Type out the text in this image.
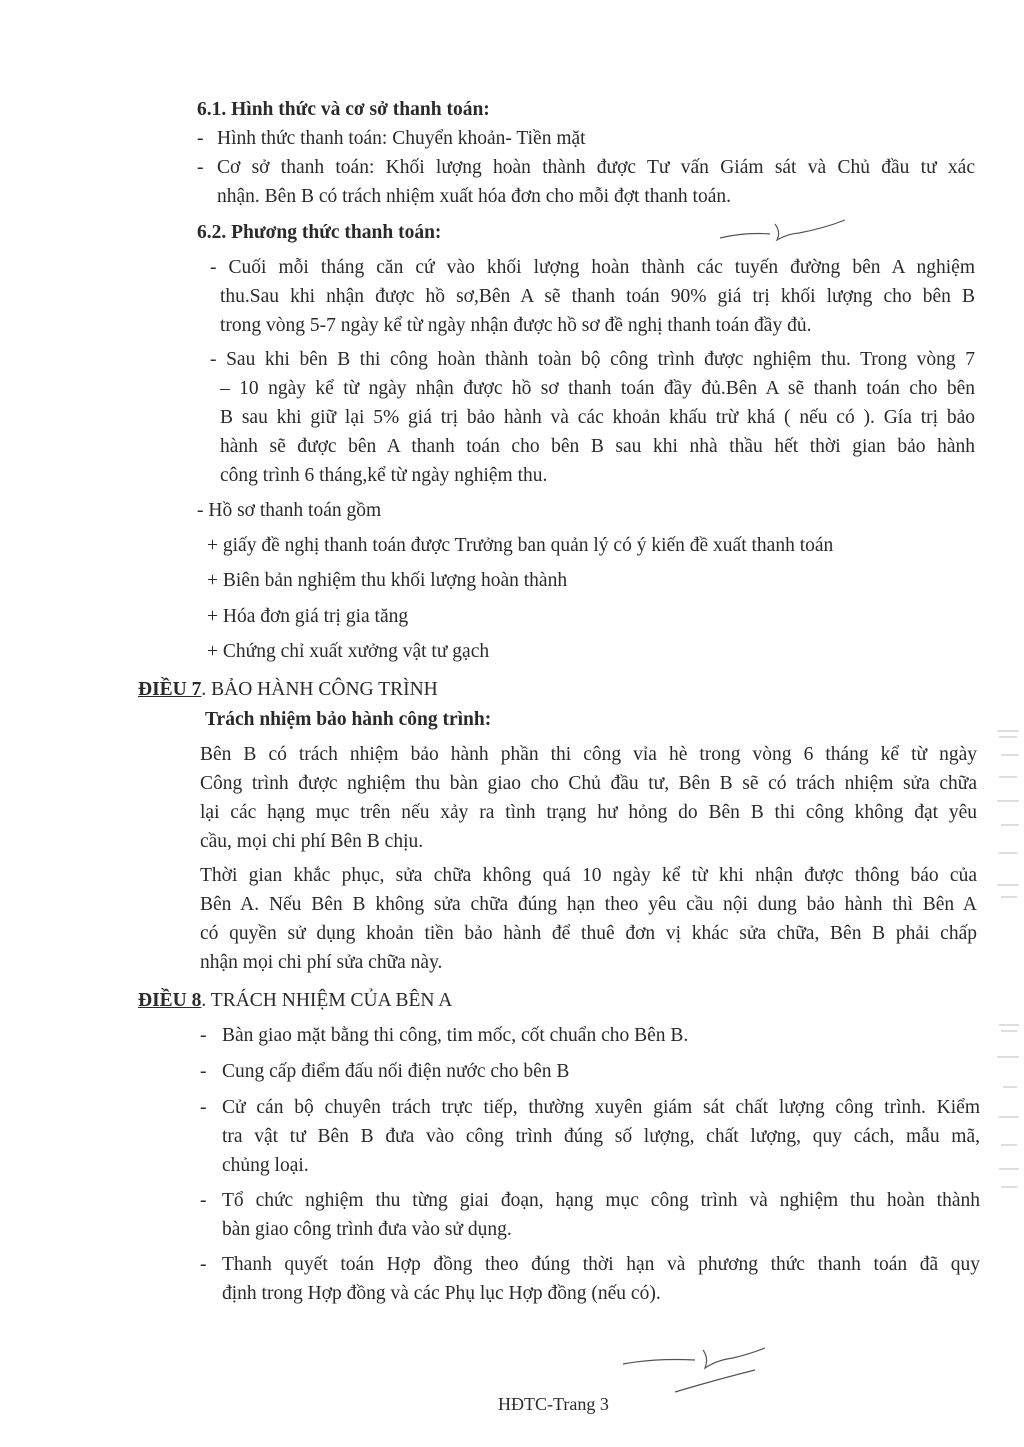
6.1. Hình thức và cơ sở thanh toán:
- Hình thức thanh toán: Chuyển khoản- Tiền mặt
- Cơ sở thanh toán: Khối lượng hoàn thành được Tư vấn Giám sát và Chủ đầu tư xác
nhận. Bên B có trách nhiệm xuất hóa đơn cho mỗi đợt thanh toán.
6.2. Phương thức thanh toán:
- Cuối mỗi tháng căn cứ vào khối lượng hoàn thành các tuyến đường bên A nghiệm
thu.Sau khi nhận được hồ sơ,Bên A sẽ thanh toán 90% giá trị khối lượng cho bên B
trong vòng 5-7 ngày kể từ ngày nhận được hồ sơ đề nghị thanh toán đầy đủ.
- Sau khi bên B thi công hoàn thành toàn bộ công trình được nghiệm thu. Trong vòng 7
– 10 ngày kể từ ngày nhận được hồ sơ thanh toán đầy đủ.Bên A sẽ thanh toán cho bên
B sau khi giữ lại 5% giá trị bảo hành và các khoản khấu trừ khá ( nếu có ). Gía trị bảo
hành sẽ được bên A thanh toán cho bên B sau khi nhà thầu hết thời gian bảo hành
công trình 6 tháng,kể từ ngày nghiệm thu.
- Hồ sơ thanh toán gồm
+ giấy đề nghị thanh toán được Trưởng ban quản lý có ý kiến đề xuất thanh toán
+ Biên bản nghiệm thu khối lượng hoàn thành
+ Hóa đơn giá trị gia tăng
+ Chứng chỉ xuất xưởng vật tư gạch
ĐIỀU 7. BẢO HÀNH CÔNG TRÌNH
Trách nhiệm bảo hành công trình:
Bên B có trách nhiệm bảo hành phần thi công vỉa hè trong vòng 6 tháng kể từ ngày
Công trình được nghiệm thu bàn giao cho Chủ đầu tư, Bên B sẽ có trách nhiệm sửa chữa
lại các hạng mục trên nếu xảy ra tình trạng hư hỏng do Bên B thi công không đạt yêu
cầu, mọi chi phí Bên B chịu.
Thời gian khắc phục, sửa chữa không quá 10 ngày kể từ khi nhận được thông báo của
Bên A. Nếu Bên B không sửa chữa đúng hạn theo yêu cầu nội dung bảo hành thì Bên A
có quyền sử dụng khoản tiền bảo hành để thuê đơn vị khác sửa chữa, Bên B phải chấp
nhận mọi chi phí sửa chữa này.
ĐIỀU 8. TRÁCH NHIỆM CỦA BÊN A
- Bàn giao mặt bằng thi công, tim mốc, cốt chuẩn cho Bên B.
- Cung cấp điểm đấu nối điện nước cho bên B
- Cử cán bộ chuyên trách trực tiếp, thường xuyên giám sát chất lượng công trình. Kiểm
tra vật tư Bên B đưa vào công trình đúng số lượng, chất lượng, quy cách, mẫu mã,
chủng loại.
- Tổ chức nghiệm thu từng giai đoạn, hạng mục công trình và nghiệm thu hoàn thành
bàn giao công trình đưa vào sử dụng.
- Thanh quyết toán Hợp đồng theo đúng thời hạn và phương thức thanh toán đã quy
định trong Hợp đồng và các Phụ lục Hợp đồng (nếu có).
HĐTC-Trang 3
